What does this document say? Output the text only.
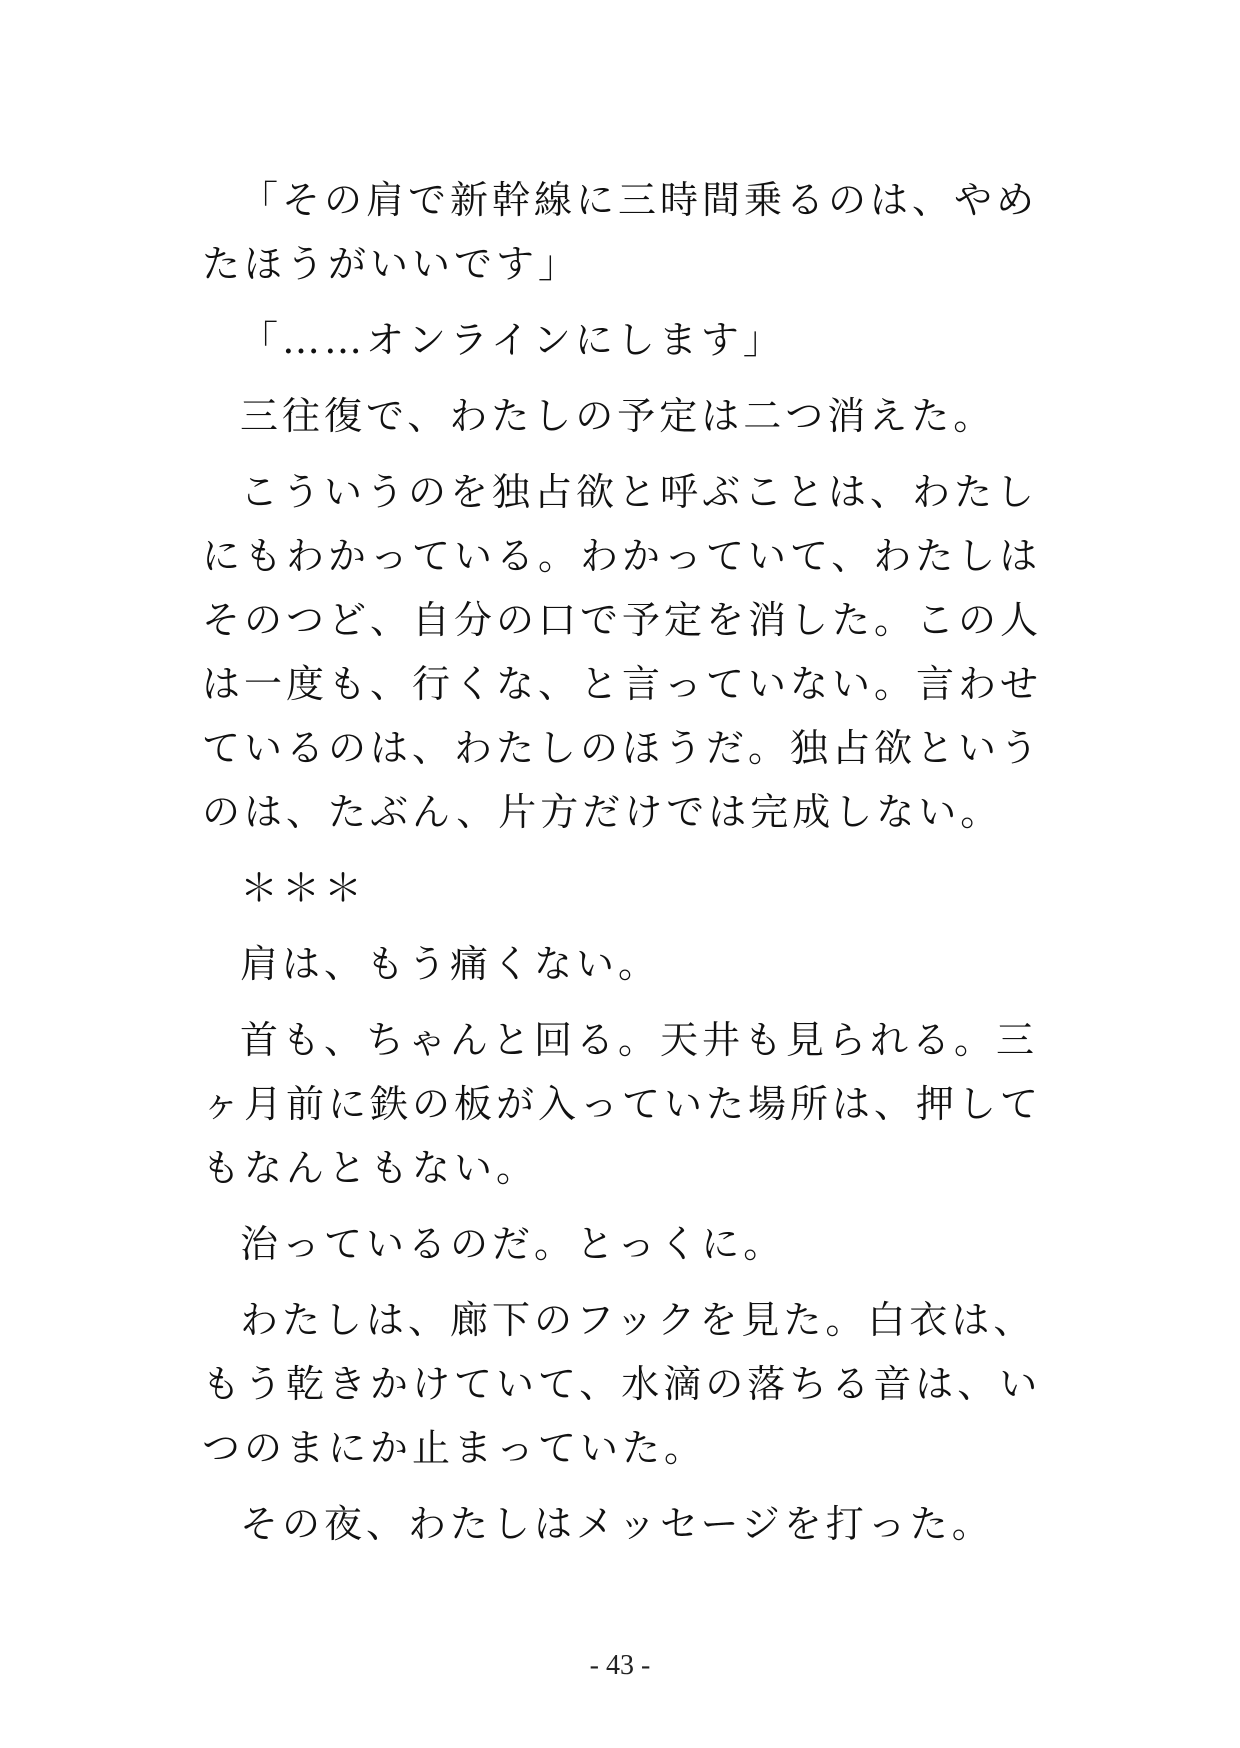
「その肩で新幹線に三時間乗るのは、やめたほうがいいです」

「……オンラインにします」

三往復で、わたしの予定は二つ消えた。

こういうのを独占欲と呼ぶことは、わたしにもわかっている。わかっていて、わたしはそのつど、自分の口で予定を消した。この人は一度も、行くな、と言っていない。言わせているのは、わたしのほうだ。独占欲というのは、たぶん、片方だけでは完成しない。

＊＊＊

肩は、もう痛くない。

首も、ちゃんと回る。天井も見られる。三ヶ月前に鉄の板が入っていた場所は、押してもなんともない。

治っているのだ。とっくに。

わたしは、廊下のフックを見た。白衣は、もう乾きかけていて、水滴の落ちる音は、いつのまにか止まっていた。

その夜、わたしはメッセージを打った。

- 43 -
